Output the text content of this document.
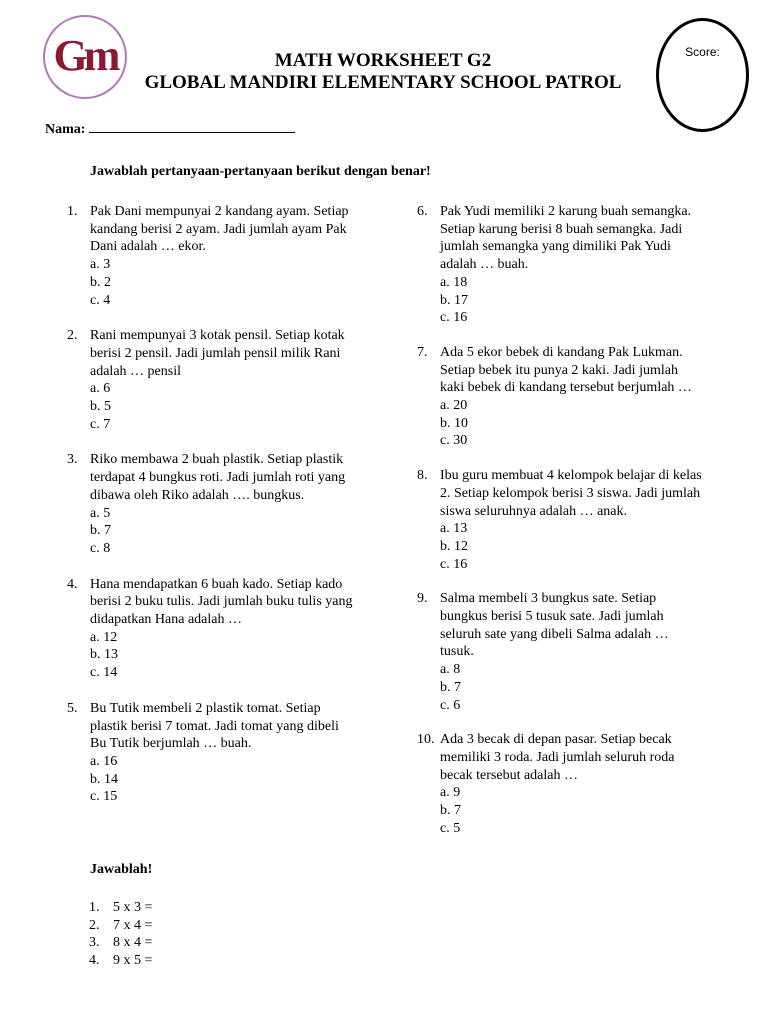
Gm	MATH WORKSHEET G2
GLOBAL MANDIRI ELEMENTARY SCHOOL PATROL
Score:
Nama:
Jawablah pertanyaan-pertanyaan berikut dengan benar!
1. Pak Dani mempunyai 2 kandang ayam. Setiap
kandang berisi 2 ayam. Jadi jumlah ayam Pak
Dani adalah … ekor.
a. 3
b. 2
c. 4
2. Rani mempunyai 3 kotak pensil. Setiap kotak
berisi 2 pensil. Jadi jumlah pensil milik Rani
adalah … pensil
a. 6
b. 5
c. 7
3. Riko membawa 2 buah plastik. Setiap plastik
terdapat 4 bungkus roti. Jadi jumlah roti yang
dibawa oleh Riko adalah …. bungkus.
a. 5
b. 7
c. 8
4. Hana mendapatkan 6 buah kado. Setiap kado
berisi 2 buku tulis. Jadi jumlah buku tulis yang
didapatkan Hana adalah …
a. 12
b. 13
c. 14
5. Bu Tutik membeli 2 plastik tomat. Setiap
plastik berisi 7 tomat. Jadi tomat yang dibeli
Bu Tutik berjumlah … buah.
a. 16
b. 14
c. 15
6. Pak Yudi memiliki 2 karung buah semangka.
Setiap karung berisi 8 buah semangka. Jadi
jumlah semangka yang dimiliki Pak Yudi
adalah … buah.
a. 18
b. 17
c. 16
7. Ada 5 ekor bebek di kandang Pak Lukman.
Setiap bebek itu punya 2 kaki. Jadi jumlah
kaki bebek di kandang tersebut berjumlah …
a. 20
b. 10
c. 30
8. Ibu guru membuat 4 kelompok belajar di kelas
2. Setiap kelompok berisi 3 siswa. Jadi jumlah
siswa seluruhnya adalah … anak.
a. 13
b. 12
c. 16
9. Salma membeli 3 bungkus sate. Setiap
bungkus berisi 5 tusuk sate. Jadi jumlah
seluruh sate yang dibeli Salma adalah …
tusuk.
a. 8
b. 7
c. 6
10. Ada 3 becak di depan pasar. Setiap becak
memiliki 3 roda. Jadi jumlah seluruh roda
becak tersebut adalah …
a. 9
b. 7
c. 5
Jawablah!
1. 5 x 3 =
2. 7 x 4 =
3. 8 x 4 =
4. 9 x 5 =
